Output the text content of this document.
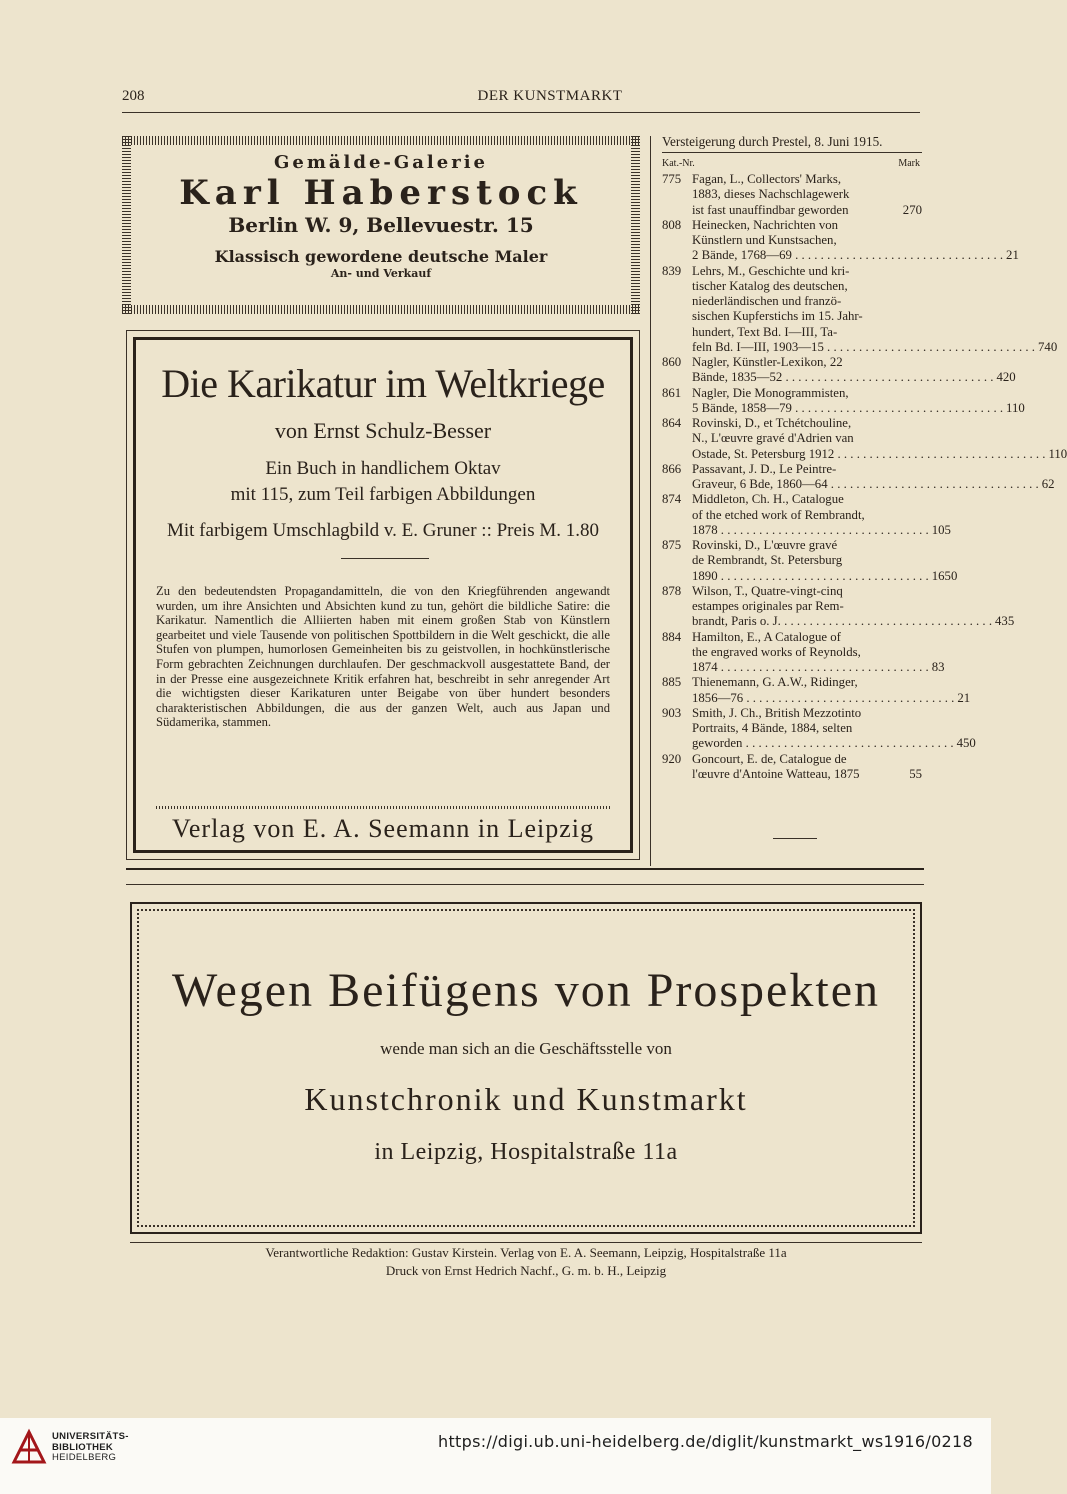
208	DER KUNSTMARKT
Gemälde-Galerie
Karl Haberstock
Berlin W. 9, Bellevuestr. 15
Klassisch gewordene deutsche Maler
An- und Verkauf
Die Karikatur im Weltkriege
von Ernst Schulz-Besser
Ein Buch in handlichem Oktav
mit 115, zum Teil farbigen Abbildungen
Mit farbigem Umschlagbild v. E. Gruner :: Preis M. 1.80
Zu den bedeutendsten Propagandamitteln, die von den Kriegführenden angewandt wurden, um ihre Ansichten und Absichten kund zu tun, gehört die bildliche Satire: die Karikatur. Namentlich die Alliierten haben mit einem großen Stab von Künstlern gearbeitet und viele Tausende von politischen Spottbildern in die Welt geschickt, die alle Stufen von plumpen, humorlosen Gemeinheiten bis zu geistvollen, in hochkünstlerische Form gebrachten Zeichnungen durchlaufen. Der geschmackvoll ausgestattete Band, der in der Presse eine ausgezeichnete Kritik erfahren hat, beschreibt in sehr anregender Art die wichtigsten dieser Karikaturen unter Beigabe von über hundert besonders charakteristischen Abbildungen, die aus der ganzen Welt, auch aus Japan und Südamerika, stammen.
Verlag von E. A. Seemann in Leipzig
Versteigerung durch Prestel, 8. Juni 1915.
Kat.-Nr.	Mark
775 Fagan, L., Collectors' Marks,
1883, dieses Nachschlagewerk
ist fast unauffindbar geworden	270
808 Heinecken, Nachrichten von
Künstlern und Kunstsachen,
2 Bände, 1768—69 . . .	21
839 Lehrs, M., Geschichte und kri-
tischer Katalog des deutschen,
niederländischen und franzö-
sischen Kupferstichs im 15. Jahr-
hundert, Text Bd. I—III, Ta-
feln Bd. I—III, 1903—15 . . .	740
860 Nagler, Künstler-Lexikon, 22
Bände, 1835—52 . . .	420
861 Nagler, Die Monogrammisten,
5 Bände, 1858—79 . . .	110
864 Rovinski, D., et Tchétchouline,
N., L'œuvre gravé d'Adrien van
Ostade, St. Petersburg 1912 . . .	110
866 Passavant, J. D., Le Peintre-
Graveur, 6 Bde, 1860—64 . . .	62
874 Middleton, Ch. H., Catalogue
of the etched work of Rembrandt,
1878 . . .	105
875 Rovinski, D., L'œuvre gravé
de Rembrandt, St. Petersburg
1890 . . .	1650
878 Wilson, T., Quatre-vingt-cinq
estampes originales par Rem-
brandt, Paris o. J. . . .	435
884 Hamilton, E., A Catalogue of
the engraved works of Reynolds,
1874 . . .	83
885 Thienemann, G. A.W., Ridinger,
1856—76 . . .	21
903 Smith, J. Ch., British Mezzotinto
Portraits, 4 Bände, 1884, selten
geworden . . .	450
920 Goncourt, E. de, Catalogue de
l'œuvre d'Antoine Watteau, 1875	55
Wegen Beifügens von Prospekten
wende man sich an die Geschäftsstelle von
Kunstchronik und Kunstmarkt
in Leipzig, Hospitalstraße 11a
Verantwortliche Redaktion: Gustav Kirstein. Verlag von E. A. Seemann, Leipzig, Hospitalstraße 11a
Druck von Ernst Hedrich Nachf., G. m. b. H., Leipzig
UNIVERSITÄTS-
BIBLIOTHEK
HEIDELBERG
https://digi.ub.uni-heidelberg.de/diglit/kunstmarkt_ws1916/0218
